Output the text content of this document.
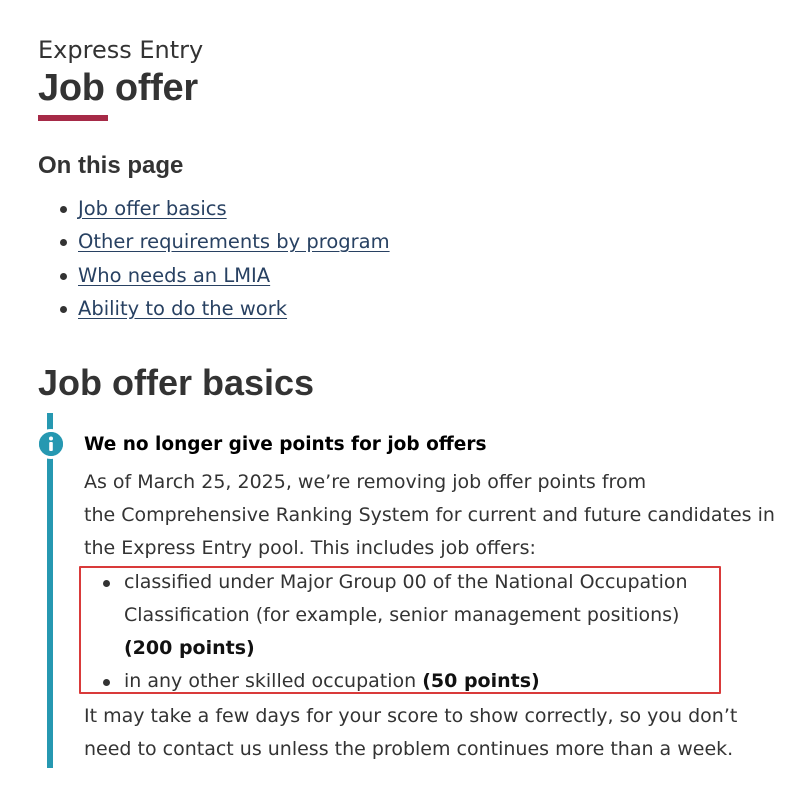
Express Entry

Job offer
On this page
Job offer basics
Other requirements by program
Who needs an LMIA
Ability to do the work
Job offer basics
We no longer give points for job offers

As of March 25, 2025, we’re removing job offer points from
the Comprehensive Ranking System for current and future candidates in
the Express Entry pool. This includes job offers:

classified under Major Group 00 of the National Occupation
Classification (for example, senior management positions)
(200 points)
in any other skilled occupation (50 points)

It may take a few days for your score to show correctly, so you don’t
need to contact us unless the problem continues more than a week.
